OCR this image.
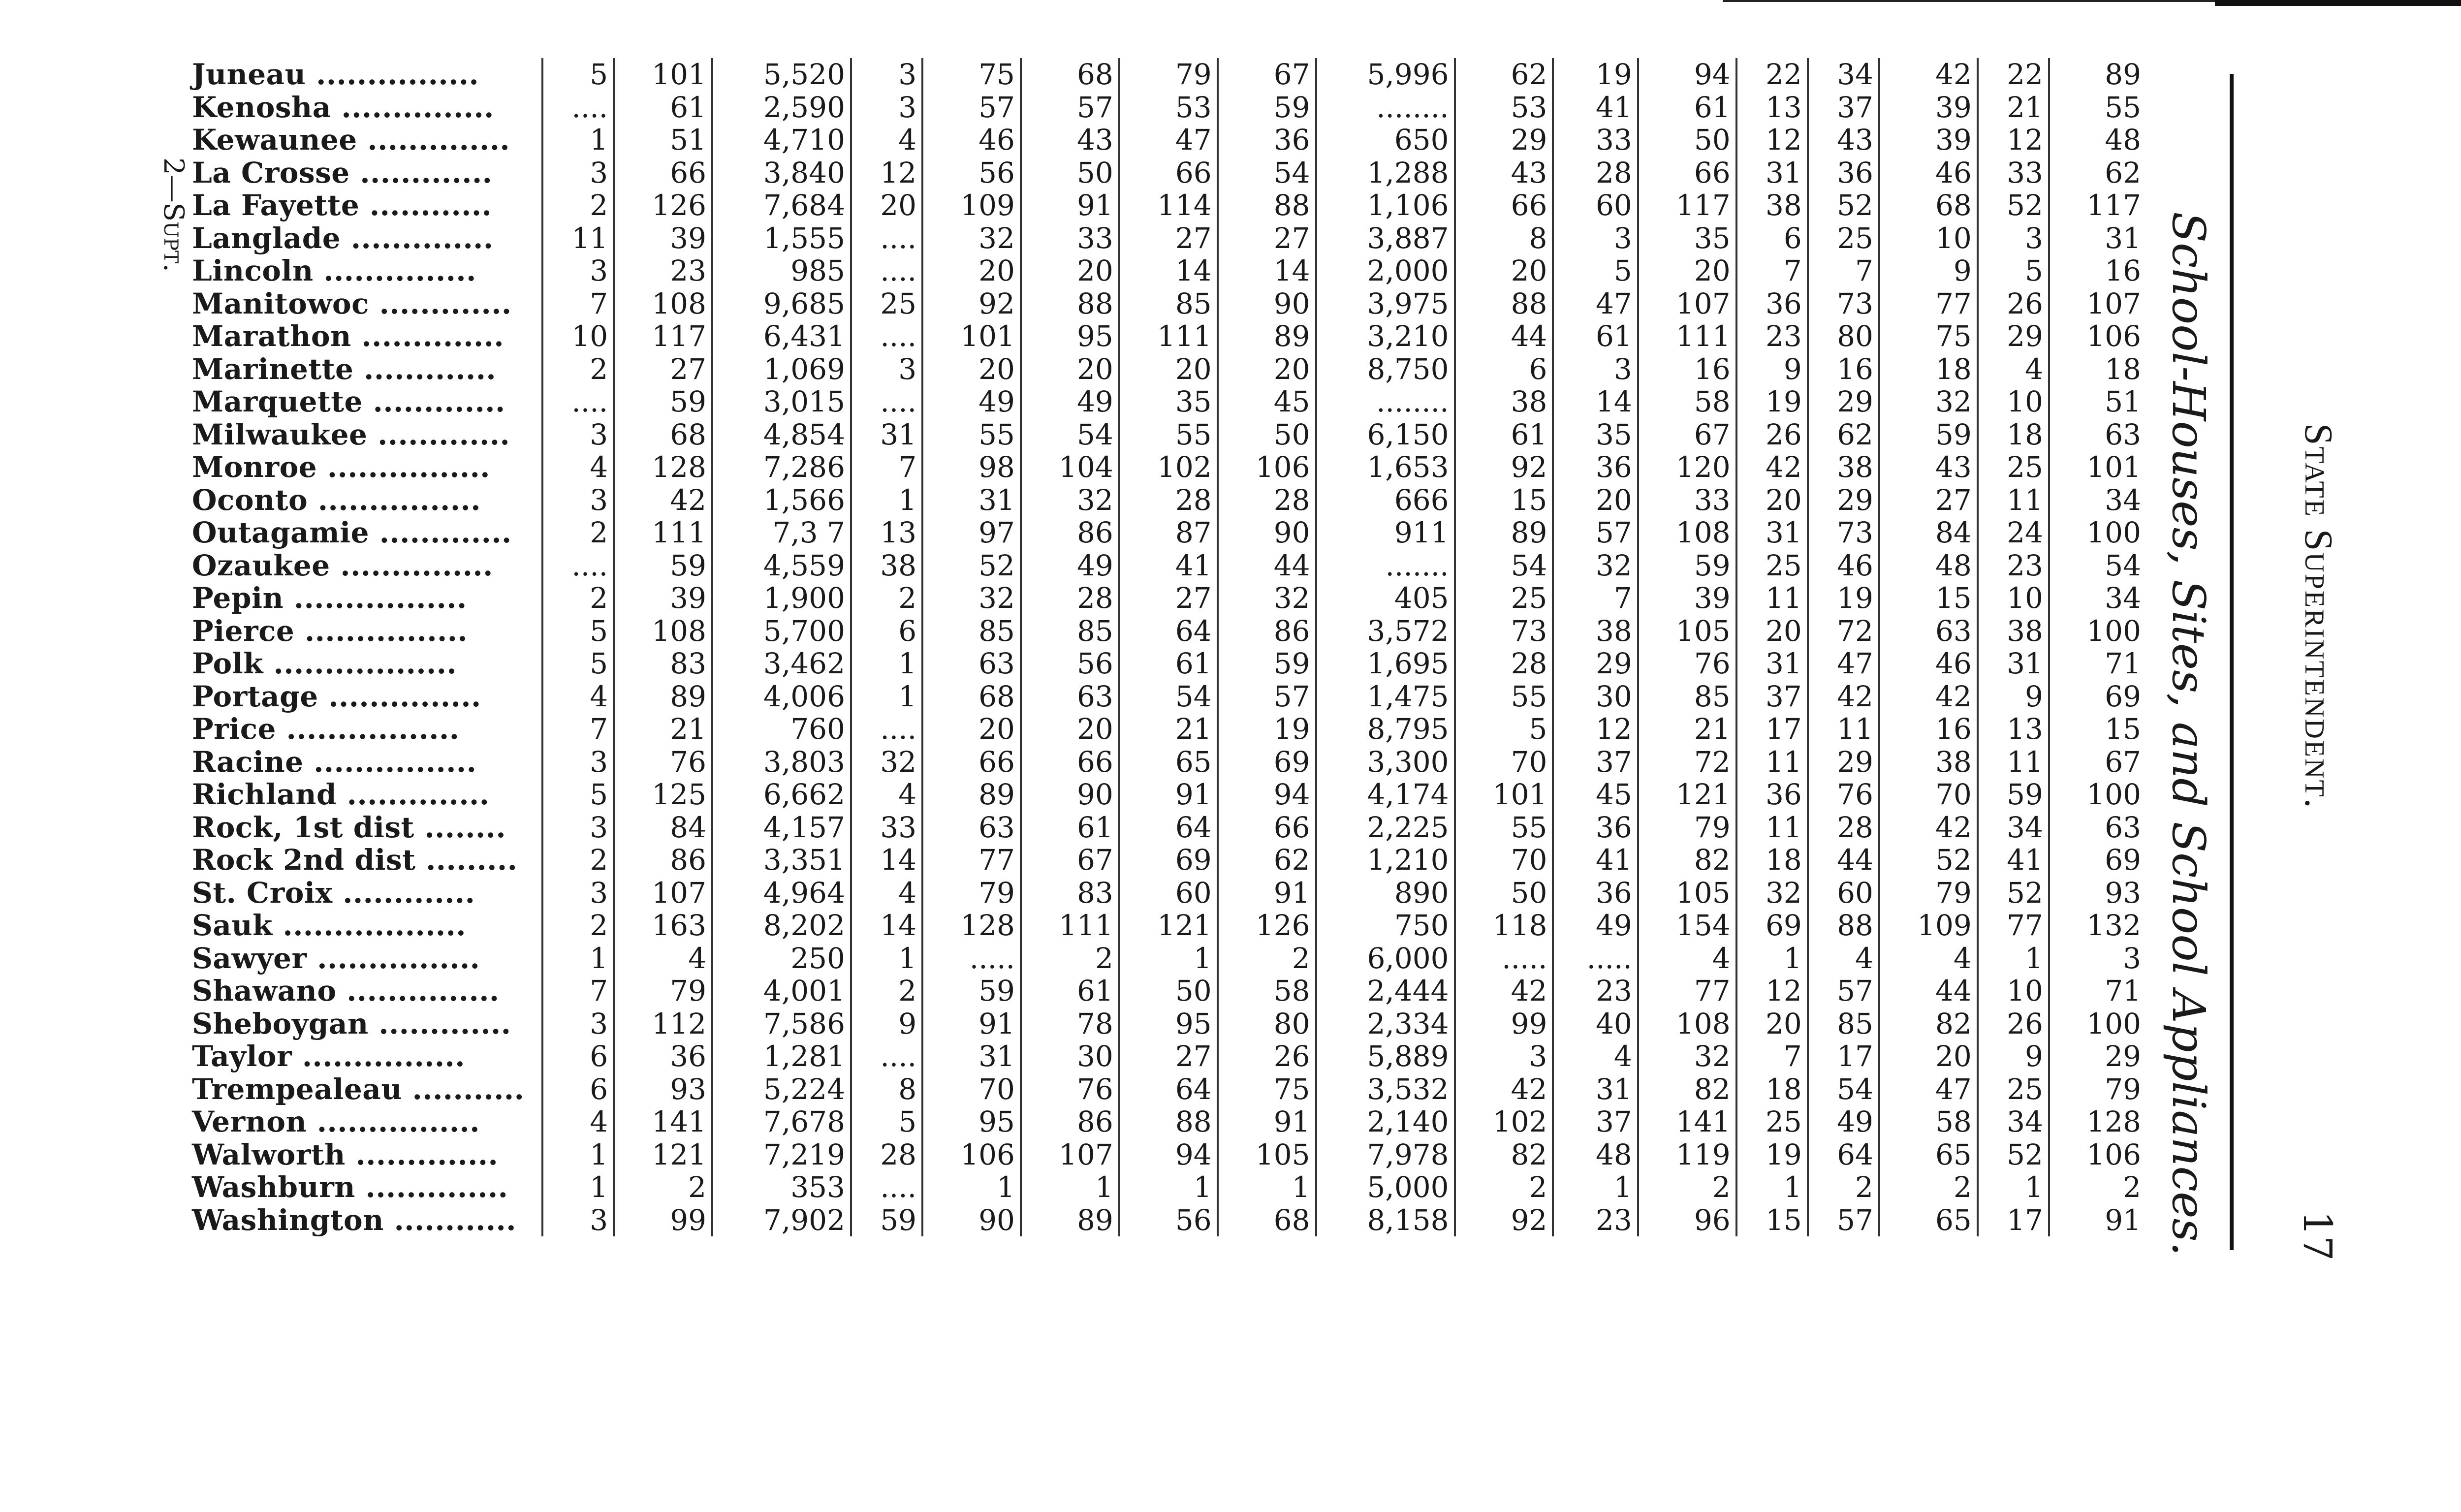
2—Supt.
Juneau ................	5	101	5,520	3	75	68	79	67	5,996	62	19	94	22	34	42	22	89
Kenosha ...............	....	61	2,590	3	57	57	53	59	........	53	41	61	13	37	39	21	55
Kewaunee ..............	1	51	4,710	4	46	43	47	36	650	29	33	50	12	43	39	12	48
La Crosse .............	3	66	3,840	12	56	50	66	54	1,288	43	28	66	31	36	46	33	62
La Fayette ............	2	126	7,684	20	109	91	114	88	1,106	66	60	117	38	52	68	52	117
Langlade ..............	11	39	1,555	....	32	33	27	27	3,887	8	3	35	6	25	10	3	31
Lincoln ...............	3	23	985	....	20	20	14	14	2,000	20	5	20	7	7	9	5	16
Manitowoc .............	7	108	9,685	25	92	88	85	90	3,975	88	47	107	36	73	77	26	107
Marathon ..............	10	117	6,431	....	101	95	111	89	3,210	44	61	111	23	80	75	29	106
Marinette .............	2	27	1,069	3	20	20	20	20	8,750	6	3	16	9	16	18	4	18
Marquette .............	....	59	3,015	....	49	49	35	45	........	38	14	58	19	29	32	10	51
Milwaukee .............	3	68	4,854	31	55	54	55	50	6,150	61	35	67	26	62	59	18	63
Monroe ................	4	128	7,286	7	98	104	102	106	1,653	92	36	120	42	38	43	25	101
Oconto ................	3	42	1,566	1	31	32	28	28	666	15	20	33	20	29	27	11	34
Outagamie .............	2	111	7,3 7	13	97	86	87	90	911	89	57	108	31	73	84	24	100
Ozaukee ...............	....	59	4,559	38	52	49	41	44	.......	54	32	59	25	46	48	23	54
Pepin .................	2	39	1,900	2	32	28	27	32	405	25	7	39	11	19	15	10	34
Pierce ................	5	108	5,700	6	85	85	64	86	3,572	73	38	105	20	72	63	38	100
Polk ..................	5	83	3,462	1	63	56	61	59	1,695	28	29	76	31	47	46	31	71
Portage ...............	4	89	4,006	1	68	63	54	57	1,475	55	30	85	37	42	42	9	69
Price .................	7	21	760	....	20	20	21	19	8,795	5	12	21	17	11	16	13	15
Racine ................	3	76	3,803	32	66	66	65	69	3,300	70	37	72	11	29	38	11	67
Richland ..............	5	125	6,662	4	89	90	91	94	4,174	101	45	121	36	76	70	59	100
Rock, 1st dist ........	3	84	4,157	33	63	61	64	66	2,225	55	36	79	11	28	42	34	63
Rock 2nd dist .........	2	86	3,351	14	77	67	69	62	1,210	70	41	82	18	44	52	41	69
St. Croix .............	3	107	4,964	4	79	83	60	91	890	50	36	105	32	60	79	52	93
Sauk ..................	2	163	8,202	14	128	111	121	126	750	118	49	154	69	88	109	77	132
Sawyer ................	1	4	250	1	.....	2	1	2	6,000	.....	.....	4	1	4	4	1	3
Shawano ...............	7	79	4,001	2	59	61	50	58	2,444	42	23	77	12	57	44	10	71
Sheboygan .............	3	112	7,586	9	91	78	95	80	2,334	99	40	108	20	85	82	26	100
Taylor ................	6	36	1,281	....	31	30	27	26	5,889	3	4	32	7	17	20	9	29
Trempealeau ...........	6	93	5,224	8	70	76	64	75	3,532	42	31	82	18	54	47	25	79
Vernon ................	4	141	7,678	5	95	86	88	91	2,140	102	37	141	25	49	58	34	128
Walworth ..............	1	121	7,219	28	106	107	94	105	7,978	82	48	119	19	64	65	52	106
Washburn ..............	1	2	353	....	1	1	1	1	5,000	2	1	2	1	2	2	1	2
Washington ............	3	99	7,902	59	90	89	56	68	8,158	92	23	96	15	57	65	17	91 School-Houses, Sites, and School Appliances. State Superintendent.
17
